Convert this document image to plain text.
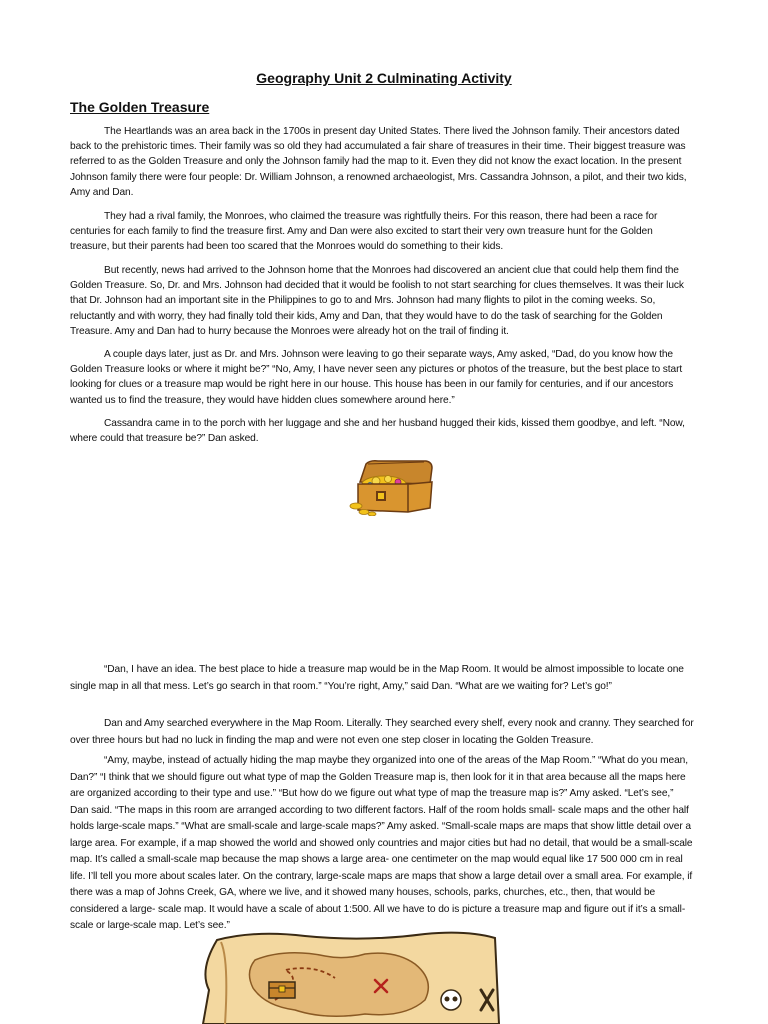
Geography Unit 2 Culminating Activity
The Golden Treasure

The Heartlands was an area back in the 1700s in present day United States. There lived the Johnson family. Their ancestors dated back to the prehistoric times. Their family was so old they had accumulated a fair share of treasures in their time. Their biggest treasure was referred to as the Golden Treasure and only the Johnson family had the map to it. Even they did not know the exact location. In the present Johnson family there were four people: Dr. William Johnson, a renowned archaeologist, Mrs. Cassandra Johnson, a pilot, and their two kids, Amy and Dan.

They had a rival family, the Monroes, who claimed the treasure was rightfully theirs. For this reason, there had been a race for centuries for each family to find the treasure first. Amy and Dan were also excited to start their very own treasure hunt for the Golden treasure, but their parents had been too scared that the Monroes would do something to their kids.

But recently, news had arrived to the Johnson home that the Monroes had discovered an ancient clue that could help them find the Golden Treasure. So, Dr. and Mrs. Johnson had decided that it would be foolish to not start searching for clues themselves. It was their luck that Dr. Johnson had an important site in the Philippines to go to and Mrs. Johnson had many flights to pilot in the coming weeks. So, reluctantly and with worry, they had finally told their kids, Amy and Dan, that they would have to do the task of searching for the Golden Treasure. Amy and Dan had to hurry because the Monroes were already hot on the trail of finding it.

A couple days later, just as Dr. and Mrs. Johnson were leaving to go their separate ways, Amy asked, “Dad, do you know how the Golden Treasure looks or where it might be?” “No, Amy, I have never seen any pictures or photos of the treasure, but the best place to start looking for clues or a treasure map would be right here in our house. This house has been in our family for centuries, and if our ancestors wanted us to find the treasure, they would have hidden clues somewhere around here.”

Cassandra came in to the porch with her luggage and she and her husband hugged their kids, kissed them goodbye, and left. “Now, where could that treasure be?” Dan asked.

“Dan, I have an idea. The best place to hide a treasure map would be in the Map Room. It would be almost impossible to locate one single map in all that mess. Let’s go search in that room.” “You’re right, Amy,” said Dan. “What are we waiting for? Let’s go!”

Dan and Amy searched everywhere in the Map Room. Literally. They searched every shelf, every nook and cranny. They searched for over three hours but had no luck in finding the map and were not even one step closer in locating the Golden Treasure.

“Amy, maybe, instead of actually hiding the map maybe they organized into one of the areas of the Map Room.” “What do you mean, Dan?” “I think that we should figure out what type of map the Golden Treasure map is, then look for it in that area because all the maps here are organized according to their type and use.” “But how do we figure out what type of map the treasure map is?” Amy asked. “Let’s see,” Dan said. “The maps in this room are arranged according to two different factors. Half of the room holds small- scale maps and the other half holds large-scale maps.” “What are small-scale and large-scale maps?” Amy asked. “Small-scale maps are maps that show little detail over a large area. For example, if a map showed the world and showed only countries and major cities but had no detail, that would be a small-scale map. It’s called a small-scale map because the map shows a large area- one centimeter on the map would equal like 17 500 000 cm in real life. I’ll tell you more about scales later. On the contrary, large-scale maps are maps that show a large detail over a small area. For example, if there was a map of Johns Creek, GA, where we live, and it showed many houses, schools, parks, churches, etc., then, that would be considered a large- scale map. It would have a scale of about 1:500. All we have to do is picture a treasure map and figure out if it’s a small-scale or large-scale map. Let’s see.”
